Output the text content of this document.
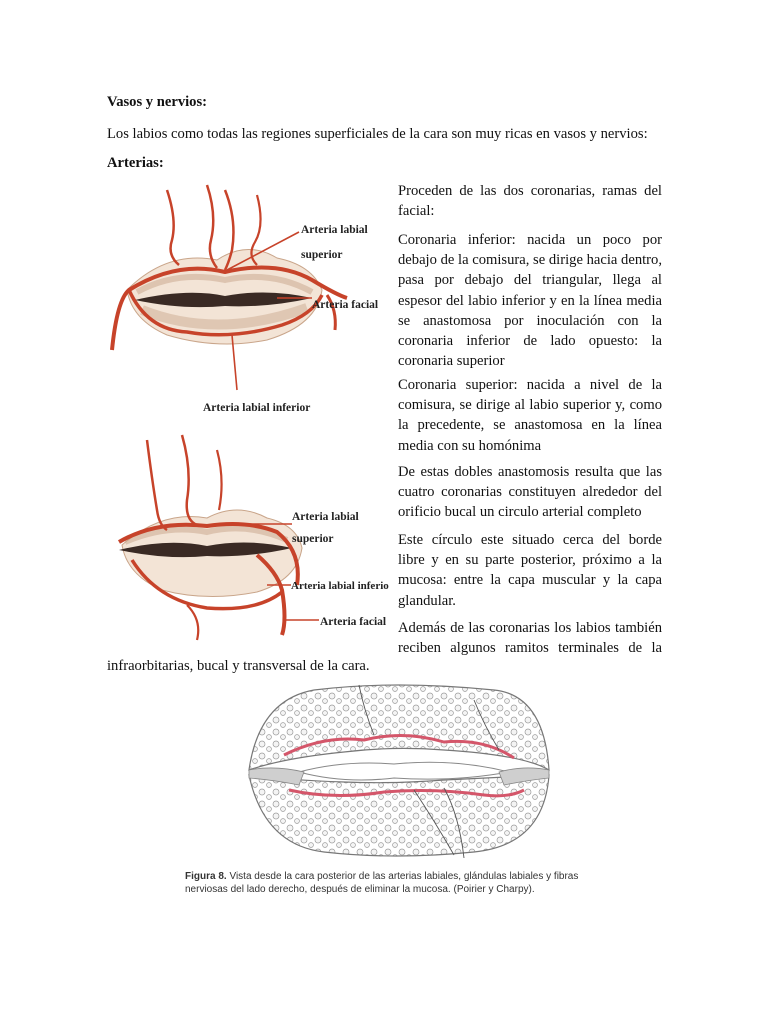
Vasos y nervios:
Los labios como todas las regiones superficiales de la cara son muy ricas en vasos y nervios:
Arterias:

Proceden de las dos coronarias, ramas del facial:

Coronaria inferior: nacida un poco por debajo de la comisura, se dirige hacia dentro, pasa por debajo del triangular, llega al espesor del labio inferior y en la línea media se anastomosa por inoculación con la coronaria inferior de lado opuesto: la coronaria superior

Coronaria superior: nacida a nivel de la comisura, se dirige al labio superior y, como la precedente, se anastomosa en la línea media con su homónima

De estas dobles anastomosis resulta que las cuatro coronarias constituyen alrededor del orificio bucal un circulo arterial completo

Este círculo este situado cerca del borde libre y en su parte posterior, próximo a la mucosa: entre la capa muscular y la capa glandular.

Además de las coronarias los labios también reciben algunos ramitos terminales de la

infraorbitarias, bucal y transversal de la cara.
Arteria labial
superior
Arteria facial
Arteria labial inferior
Arteria labial
superior
Arteria labial inferior
Arteria facial
Figura 8. Vista desde la cara posterior de las arterias labiales, glándulas labiales y fibras nerviosas del lado derecho, después de eliminar la mucosa. (Poirier y Charpy).
